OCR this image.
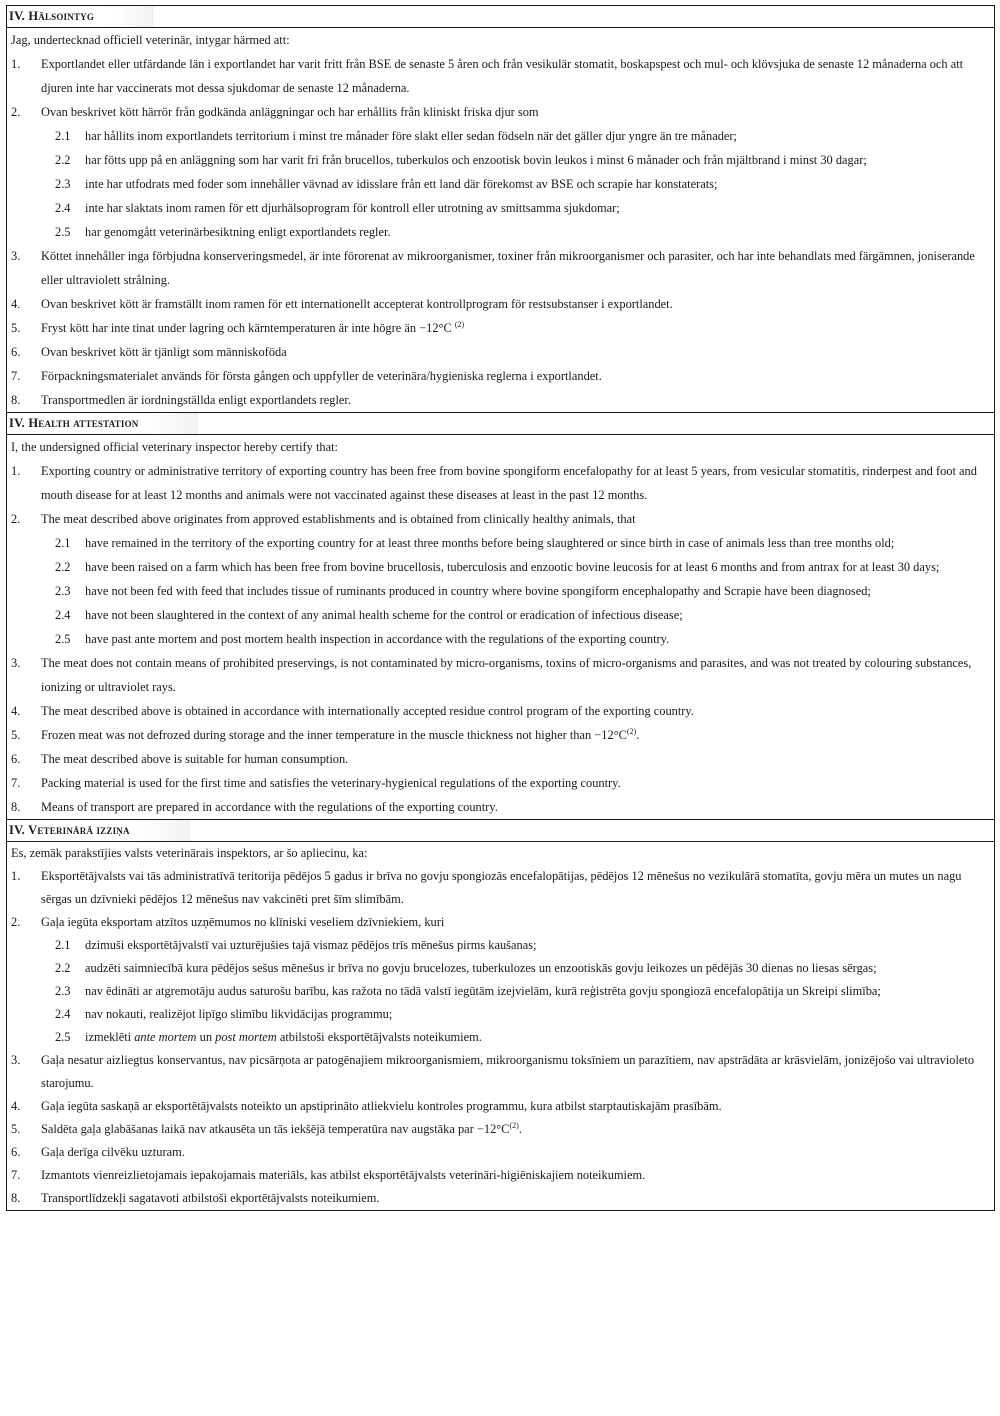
IV. Hälsointyg
Jag, undertecknad officiell veterinär, intygar härmed att:
1.	Exportlandet eller utfärdande län i exportlandet har varit fritt från BSE de senaste 5 åren och från vesikulär stomatit, boskapspest och mul- och klövsjuka de senaste 12 månaderna och att djuren inte har vaccinerats mot dessa sjukdomar de senaste 12 månaderna.
2.	Ovan beskrivet kött härrör från godkända anläggningar och har erhållits från kliniskt friska djur som
2.1	har hållits inom exportlandets territorium i minst tre månader före slakt eller sedan födseln när det gäller djur yngre än tre månader;
2.2	har fötts upp på en anläggning som har varit fri från brucellos, tuberkulos och enzootisk bovin leukos i minst 6 månader och från mjältbrand i minst 30 dagar;
2.3	inte har utfodrats med foder som innehåller vävnad av idisslare från ett land där förekomst av BSE och scrapie har konstaterats;
2.4	inte har slaktats inom ramen för ett djurhälsoprogram för kontroll eller utrotning av smittsamma sjukdomar;
2.5	har genomgått veterinärbesiktning enligt exportlandets regler.
3.	Köttet innehåller inga förbjudna konserveringsmedel, är inte förorenat av mikroorganismer, toxiner från mikroorganismer och parasiter, och har inte behandlats med färgämnen, joniserande eller ultraviolett strålning.
4.	Ovan beskrivet kött är framställt inom ramen för ett internationellt accepterat kontrollprogram för restsubstanser i exportlandet.
5.	Fryst kött har inte tinat under lagring och kärntemperaturen är inte högre än −12°C $^{(2)}$
6.	Ovan beskrivet kött är tjänligt som människoföda
7.	Förpackningsmaterialet används för första gången och uppfyller de veterinära/hygieniska reglerna i exportlandet.
8.	Transportmedlen är iordningställda enligt exportlandets regler.
IV. Health attestation
I, the undersigned official veterinary inspector hereby certify that:
1.	Exporting country or administrative territory of exporting country has been free from bovine spongiform encefalopathy for at least 5 years, from vesicular stomatitis, rinderpest and foot and mouth disease for at least 12 months and animals were not vaccinated against these diseases at least in the past 12 months.
2.	The meat described above originates from approved establishments and is obtained from clinically healthy animals, that
2.1	have remained in the territory of the exporting country for at least three months before being slaughtered or since birth in case of animals less than tree months old;
2.2	have been raised on a farm which has been free from bovine brucellosis, tuberculosis and enzootic bovine leucosis for at least 6 months and from antrax for at least 30 days;
2.3	have not been fed with feed that includes tissue of ruminants produced in country where bovine spongiform encephalopathy and Scrapie have been diagnosed;
2.4	have not been slaughtered in the context of any animal health scheme for the control or eradication of infectious disease;
2.5	have past ante mortem and post mortem health inspection in accordance with the regulations of the exporting country.
3.	The meat does not contain means of prohibited preservings, is not contaminated by micro-organisms, toxins of micro-organisms and parasites, and was not treated by colouring substances, ionizing or ultraviolet rays.
4.	The meat described above is obtained in accordance with internationally accepted residue control program of the exporting country.
5.	Frozen meat was not defrozed during storage and the inner temperature in the muscle thickness not higher than $-12^\circ C^{(2)}$.
6.	The meat described above is suitable for human consumption.
7.	Packing material is used for the first time and satisfies the veterinary-hygienical regulations of the exporting country.
8.	Means of transport are prepared in accordance with the regulations of the exporting country.
IV. Veterinārā izziņa
Es, zemāk parakstījies valsts veterinārais inspektors, ar šo apliecinu, ka:
1.	Eksportētājvalsts vai tās administratīvā teritorija pēdējos 5 gadus ir brīva no govju spongiozās encefalopātijas, pēdējos 12 mēnešus no vezikulārā stomatīta, govju mēra un mutes un nagu sērgas un dzīvnieki pēdējos 12 mēnešus nav vakcinēti pret šīm slimībām.
2.	Gaļa iegūta eksportam atzītos uzņēmumos no klīniski veseliem dzīvniekiem, kuri
2.1	dzimuši eksportētājvalstī vai uzturējušies tajā vismaz pēdējos trīs mēnešus pirms kaušanas;
2.2	audzēti saimniecībā kura pēdējos sešus mēnešus ir brīva no govju brucelozes, tuberkulozes un enzootiskās govju leikozes un pēdējās 30 dienas no liesas sērgas;
2.3	nav ēdināti ar atgremotāju audus saturošu barību, kas ražota no tādā valstī iegūtām izejvielām, kurā reģistrēta govju spongiozā encefalopātija un Skreipi slimība;
2.4	nav nokauti, realizējot lipīgo slimību likvidācijas programmu;
2.5	izmeklēti ante mortem un post mortem atbilstoši eksportētājvalsts noteikumiem.
3.	Gaļa nesatur aizliegtus konservantus, nav picsārņota ar patogēnajiem mikroorganismiem, mikroorganismu toksīniem un parazītiem, nav apstrādāta ar krāsvielām, jonizējošo vai ultravioleto starojumu.
4.	Gaļa iegūta saskaņā ar eksportētājvalsts noteikto un apstiprināto atliekvielu kontroles programmu, kura atbilst starptautiskajām prasībām.
5.	Saldēta gaļa glabāšanas laikā nav atkausēta un tās iekšējā temperatūra nav augstāka par $-12^\circ C^{(2)}$.
6.	Gaļa derīga cilvēku uzturam.
7.	Izmantots vienreizlietojamais iepakojamais materiāls, kas atbilst eksportētājvalsts veterināri-higiēniskajiem noteikumiem.
8.	Transportlīdzekļi sagatavoti atbilstoši ekportētājvalsts noteikumiem.
